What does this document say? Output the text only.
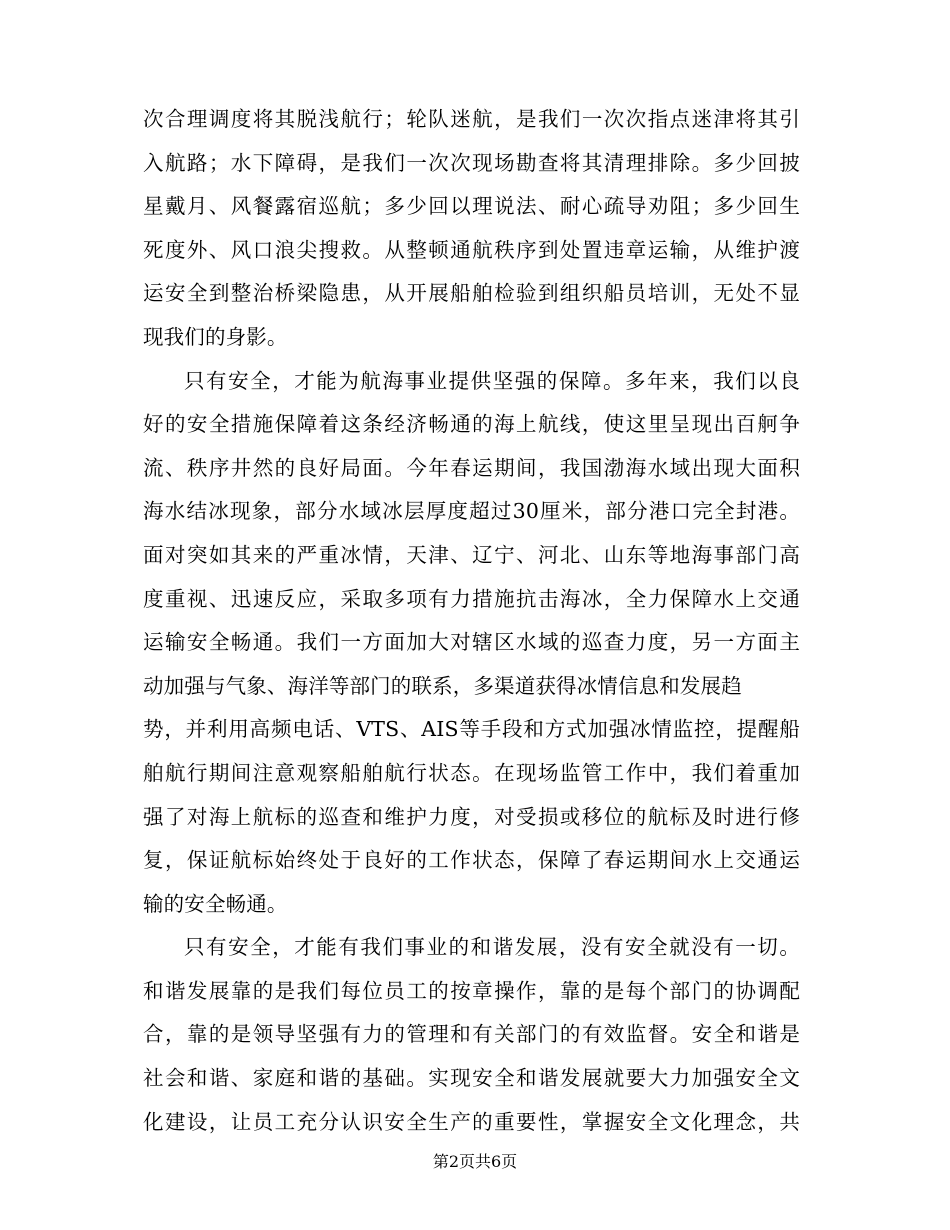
次合理调度将其脱浅航行；轮队迷航，是我们一次次指点迷津将其引
入航路；水下障碍，是我们一次次现场勘查将其清理排除。多少回披
星戴月、风餐露宿巡航；多少回以理说法、耐心疏导劝阻；多少回生
死度外、风口浪尖搜救。从整顿通航秩序到处置违章运输，从维护渡
运安全到整治桥梁隐患，从开展船舶检验到组织船员培训，无处不显
现我们的身影。
只有安全，才能为航海事业提供坚强的保障。多年来，我们以良
好的安全措施保障着这条经济畅通的海上航线，使这里呈现出百舸争
流、秩序井然的良好局面。今年春运期间，我国渤海水域出现大面积
海水结冰现象，部分水域冰层厚度超过30厘米，部分港口完全封港。
面对突如其来的严重冰情，天津、辽宁、河北、山东等地海事部门高
度重视、迅速反应，采取多项有力措施抗击海冰，全力保障水上交通
运输安全畅通。我们一方面加大对辖区水域的巡查力度，另一方面主
动加强与气象、海洋等部门的联系，多渠道获得冰情信息和发展趋
势，并利用高频电话、VTS、AIS等手段和方式加强冰情监控，提醒船
舶航行期间注意观察船舶航行状态。在现场监管工作中，我们着重加
强了对海上航标的巡查和维护力度，对受损或移位的航标及时进行修
复，保证航标始终处于良好的工作状态，保障了春运期间水上交通运
输的安全畅通。
只有安全，才能有我们事业的和谐发展，没有安全就没有一切。
和谐发展靠的是我们每位员工的按章操作，靠的是每个部门的协调配
合，靠的是领导坚强有力的管理和有关部门的有效监督。安全和谐是
社会和谐、家庭和谐的基础。实现安全和谐发展就要大力加强安全文
化建设，让员工充分认识安全生产的重要性，掌握安全文化理念，共
第2页共6页
